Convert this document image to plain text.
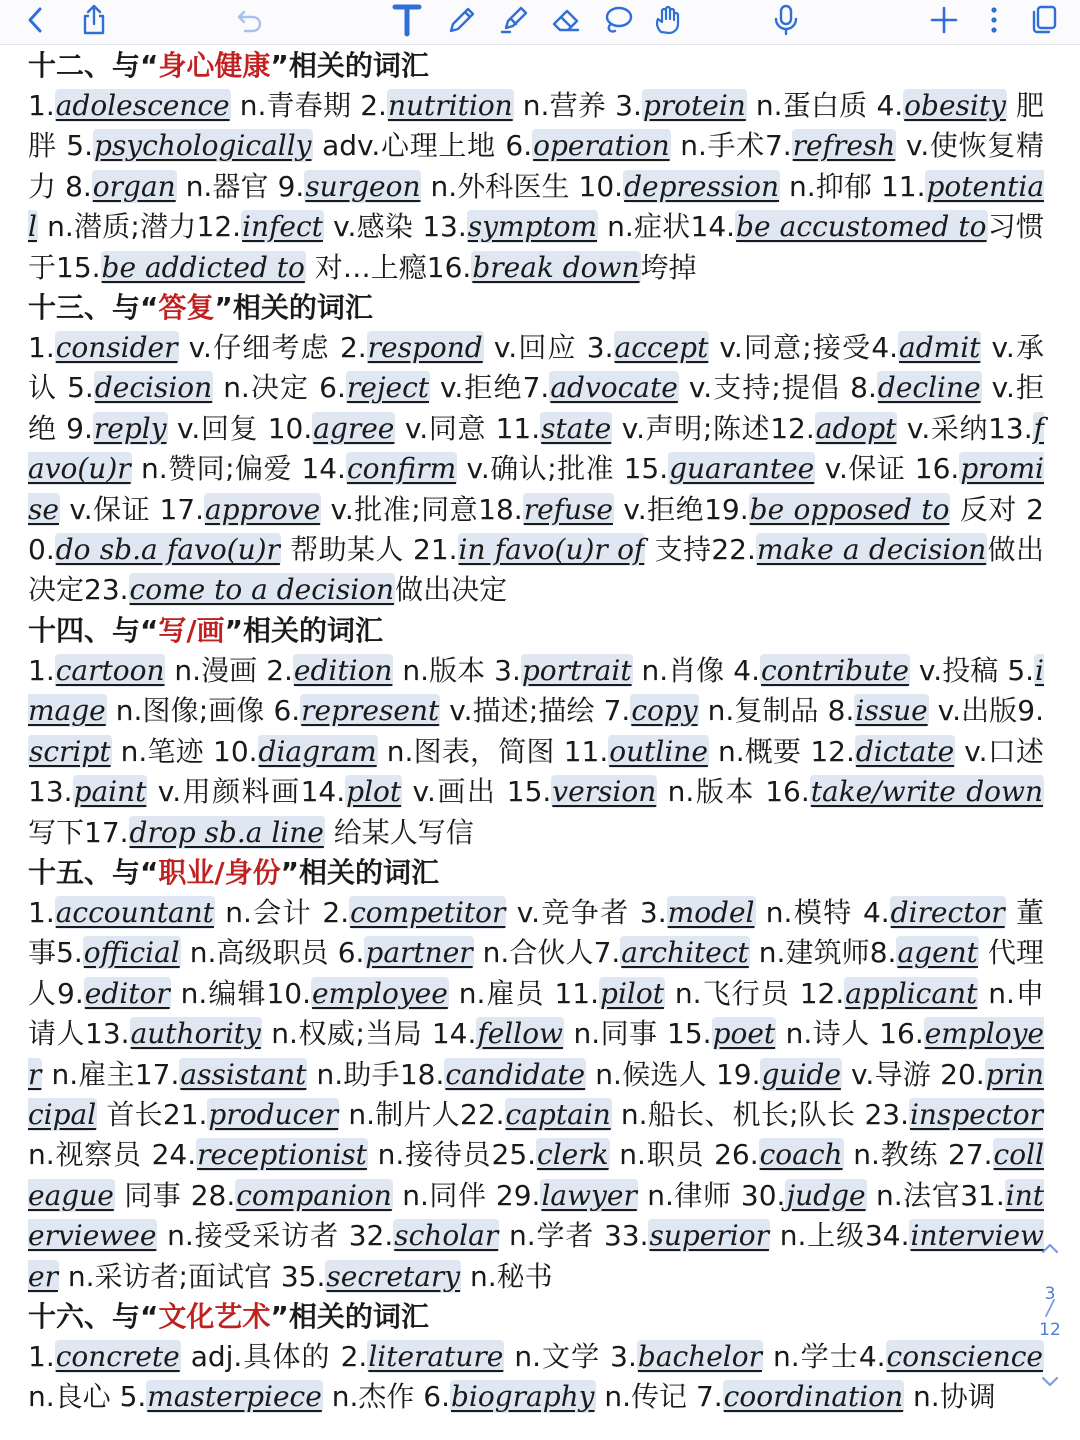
十二、与“身心健康”相关的词汇
1.adolescence n.青春期 2.nutrition n.营养 3.protein n.蛋白质 4.obesity 肥胖 5.psychologically adv.心理上地 6.operation n.手术7.refresh v.使恢复精力 8.organ n.器官 9.surgeon n.外科医生 10.depression n.抑郁 11.potential n.潜质;潜力12.infect v.感染 13.symptom n.症状14.be accustomed to习惯于15.be addicted to 对…上瘾16.break down垮掉
十三、与“答复”相关的词汇
1.consider v.仔细考虑 2.respond v.回应 3.accept v.同意;接受4.admit v.承认 5.decision n.决定 6.reject v.拒绝7.advocate v.支持;提倡 8.decline v.拒绝 9.reply v.回复 10.agree v.同意 11.state v.声明;陈述12.adopt v.采纳13.favo(u)r n.赞同;偏爱 14.confirm v.确认;批准 15.guarantee v.保证 16.promise v.保证 17.approve v.批准;同意18.refuse v.拒绝19.be opposed to 反对 20.do sb.a favo(u)r 帮助某人 21.in favo(u)r of 支持22.make a decision做出决定23.come to a decision做出决定
十四、与“写/画”相关的词汇
1.cartoon n.漫画 2.edition n.版本 3.portrait n.肖像 4.contribute v.投稿 5.image n.图像;画像 6.represent v.描述;描绘 7.copy n.复制品 8.issue v.出版9.script n.笔迹 10.diagram n.图表，简图 11.outline n.概要 12.dictate v.口述 13.paint v.用颜料画14.plot v.画出 15.version n.版本 16.take/write down写下17.drop sb.a line 给某人写信
十五、与“职业/身份”相关的词汇
1.accountant n.会计 2.competitor v.竞争者 3.model n.模特 4.director 董事5.official n.高级职员 6.partner n.合伙人7.architect n.建筑师8.agent 代理人9.editor n.编辑10.employee n.雇员 11.pilot n.飞行员 12.applicant n.申请人13.authority n.权威;当局 14.fellow n.同事 15.poet n.诗人 16.employer n.雇主17.assistant n.助手18.candidate n.候选人 19.guide v.导游 20.principal 首长21.producer n.制片人22.captain n.船长、机长;队长 23.inspector n.视察员 24.receptionist n.接待员25.clerk n.职员 26.coach n.教练 27.colleague 同事 28.companion n.同伴 29.lawyer n.律师 30.judge n.法官31.interviewee n.接受采访者 32.scholar n.学者 33.superior n.上级34.interviewer n.采访者;面试官 35.secretary n.秘书
十六、与“文化艺术”相关的词汇
1.concrete adj.具体的 2.literature n.文学 3.bachelor n.学士4.conscience n.良心 5.masterpiece n.杰作 6.biography n.传记 7.coordination n.协调
3
12
